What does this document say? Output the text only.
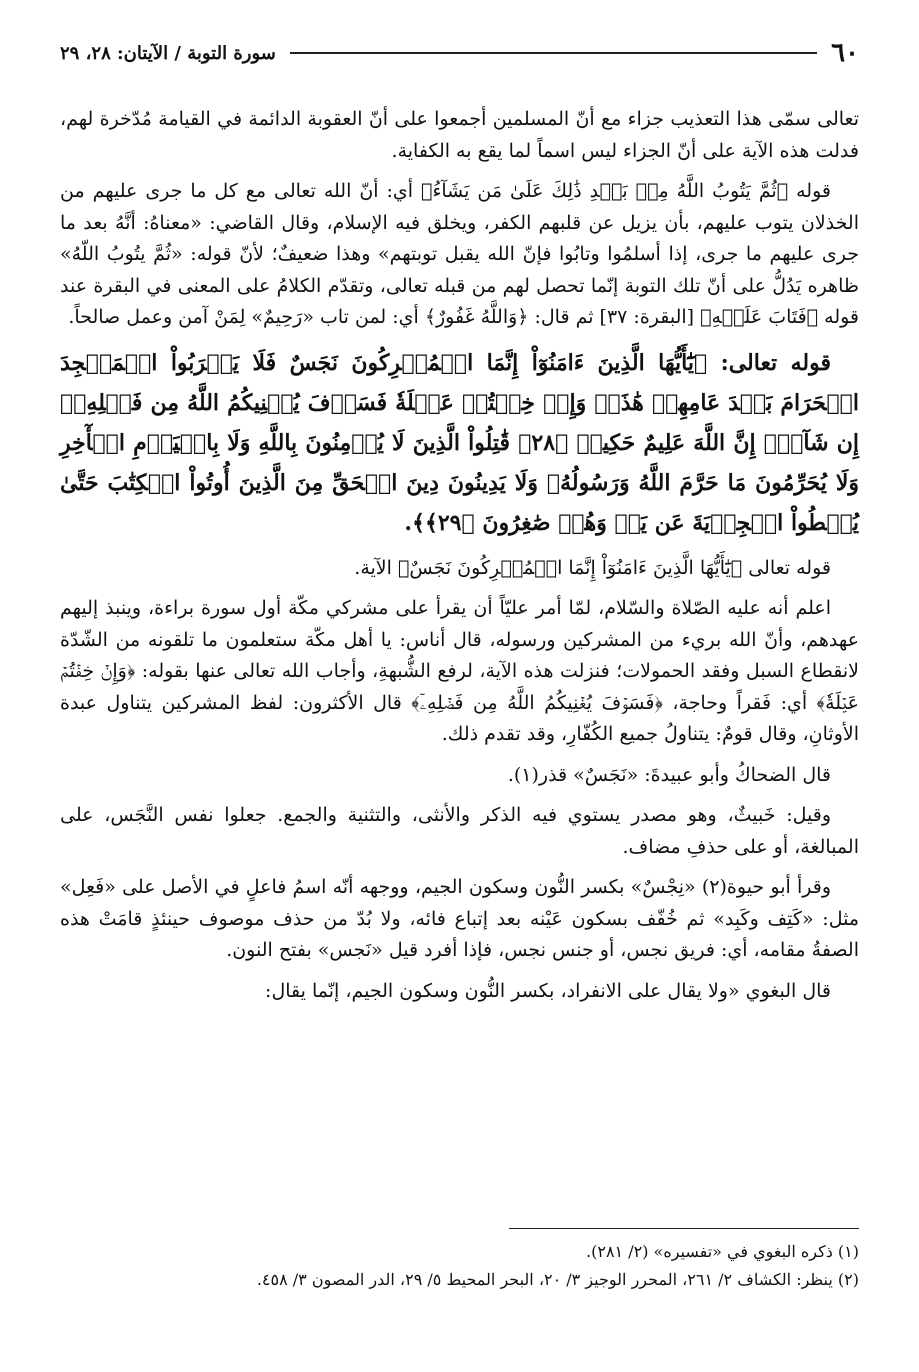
٦٠
سورة التوبة / الآيتان: ٢٨، ٢٩

تعالى سمّى هذا التعذيب جزاء مع أنّ المسلمين أجمعوا على أنّ العقوبة الدائمة في القيامة مُدّخرة لهم، فدلت هذه الآية على أنّ الجزاء ليس اسماً لما يقع به الكفاية.

قوله ﴿ثُمَّ يَتُوبُ اللَّهُ مِنۢ بَعۡدِ ذَٰلِكَ عَلَىٰ مَن يَشَآءُ﴾ أي: أنّ الله تعالى مع كل ما جرى عليهم من الخذلان يتوب عليهم، بأن يزيل عن قلبهم الكفر، ويخلق فيه الإسلام، وقال القاضي: «معناهُ: أنَّهُ بعد ما جرى عليهم ما جرى، إذا أسلمُوا وتابُوا فإنّ الله يقبل توبتهم» وهذا ضعيفٌ؛ لأنّ قوله: «ثُمَّ يتُوبُ اللّهُ» ظاهره يَدُلُّ على أنّ تلك التوبة إنّما تحصل لهم من قبله تعالى، وتقدّم الكلامُ على المعنى في البقرة عند قوله ﴿فَتَابَ عَلَيۡهِ﴾ [البقرة: ٣٧] ثم قال: ﴿وَاللَّهُ غَفُورٌ﴾ أي: لمن تاب «رَحِيمٌ» لِمَنْ آمن وعمل صالحاً.

قوله تعالى: ﴿يَٰٓأَيُّهَا الَّذِينَ ءَامَنُوٓاْ إِنَّمَا الۡمُشۡرِكُونَ نَجَسٌ فَلَا يَقۡرَبُواْ الۡمَسۡجِدَ الۡحَرَامَ بَعۡدَ عَامِهِمۡ هَٰذَاۚ وَإِنۡ خِفۡتُمۡ عَيۡلَةٗ فَسَوۡفَ يُغۡنِيكُمُ اللَّهُ مِن فَضۡلِهِۦٓ إِن شَآءَۚ إِنَّ اللَّهَ عَلِيمٌ حَكِيمٞ ﴿٢٨﴾ قَٰتِلُواْ الَّذِينَ لَا يُؤۡمِنُونَ بِاللَّهِ وَلَا بِالۡيَوۡمِ الۡأٓخِرِ وَلَا يُحَرِّمُونَ مَا حَرَّمَ اللَّهُ وَرَسُولُهُۥ وَلَا يَدِينُونَ دِينَ الۡحَقِّ مِنَ الَّذِينَ أُوتُواْ الۡكِتَٰبَ حَتَّىٰ يُعۡطُواْ الۡجِزۡيَةَ عَن يَدٖ وَهُمۡ صَٰغِرُونَ ﴿٢٩﴾﴾.

قوله تعالى ﴿يَٰٓأَيُّهَا الَّذِينَ ءَامَنُوٓاْ إِنَّمَا الۡمُشۡرِكُونَ نَجَسٌ﴾ الآية.

اعلم أنه عليه الصّلاة والسّلام، لمّا أمر عليّاً أن يقرأ على مشركي مكّة أول سورة براءة، وينبذ إليهم عهدهم، وأنّ الله بريء من المشركين ورسوله، قال أناس: يا أهل مكّة ستعلمون ما تلقونه من الشّدّة لانقطاع السبل وفقد الحمولات؛ فنزلت هذه الآية، لرفع الشُّبهةِ، وأجاب الله تعالى عنها بقوله: ﴿وَإِنۡ خِفۡتُمۡ عَيۡلَةٗ﴾ أي: فَقراً وحاجة، ﴿فَسَوۡفَ يُغۡنِيكُمُ اللَّهُ مِن فَضۡلِهِۦٓ﴾ قال الأكثرون: لفظ المشركين يتناول عبدة الأوثانِ، وقال قومٌ: يتناولُ جميع الكُفّارِ، وقد تقدم ذلك.

قال الضحاكُ وأبو عبيدةَ: «نَجَسٌ» قذر(١).

وقيل: خَبيثٌ، وهو مصدر يستوي فيه الذكر والأنثى، والتثنية والجمع. جعلوا نفس النَّجَس، على المبالغة، أو على حذفِ مضاف.

وقرأ أبو حيوة(٢) «نِجْسٌ» بكسر النُّون وسكون الجيم، ووجهه أنّه اسمُ فاعلٍ في الأصل على «فَعِل» مثل: «كَتِف وكَبِد» ثم خُفّف بسكون عَيْنه بعد إتباع فائه، ولا بُدّ من حذف موصوف حينئذٍ قامَتْ هذه الصفةُ مقامه، أي: فريق نجس، أو جنس نجس، فإذا أفرد قيل «نَجس» بفتح النون.

قال البغوي «ولا يقال على الانفراد، بكسر النُّون وسكون الجيم، إنّما يقال:

(١) ذكره البغوي في «تفسيره» (٢/ ٢٨١).

(٢) ينظر: الكشاف ٢/ ٢٦١، المحرر الوجيز ٣/ ٢٠، البحر المحيط ٥/ ٢٩، الدر المصون ٣/ ٤٥٨.
